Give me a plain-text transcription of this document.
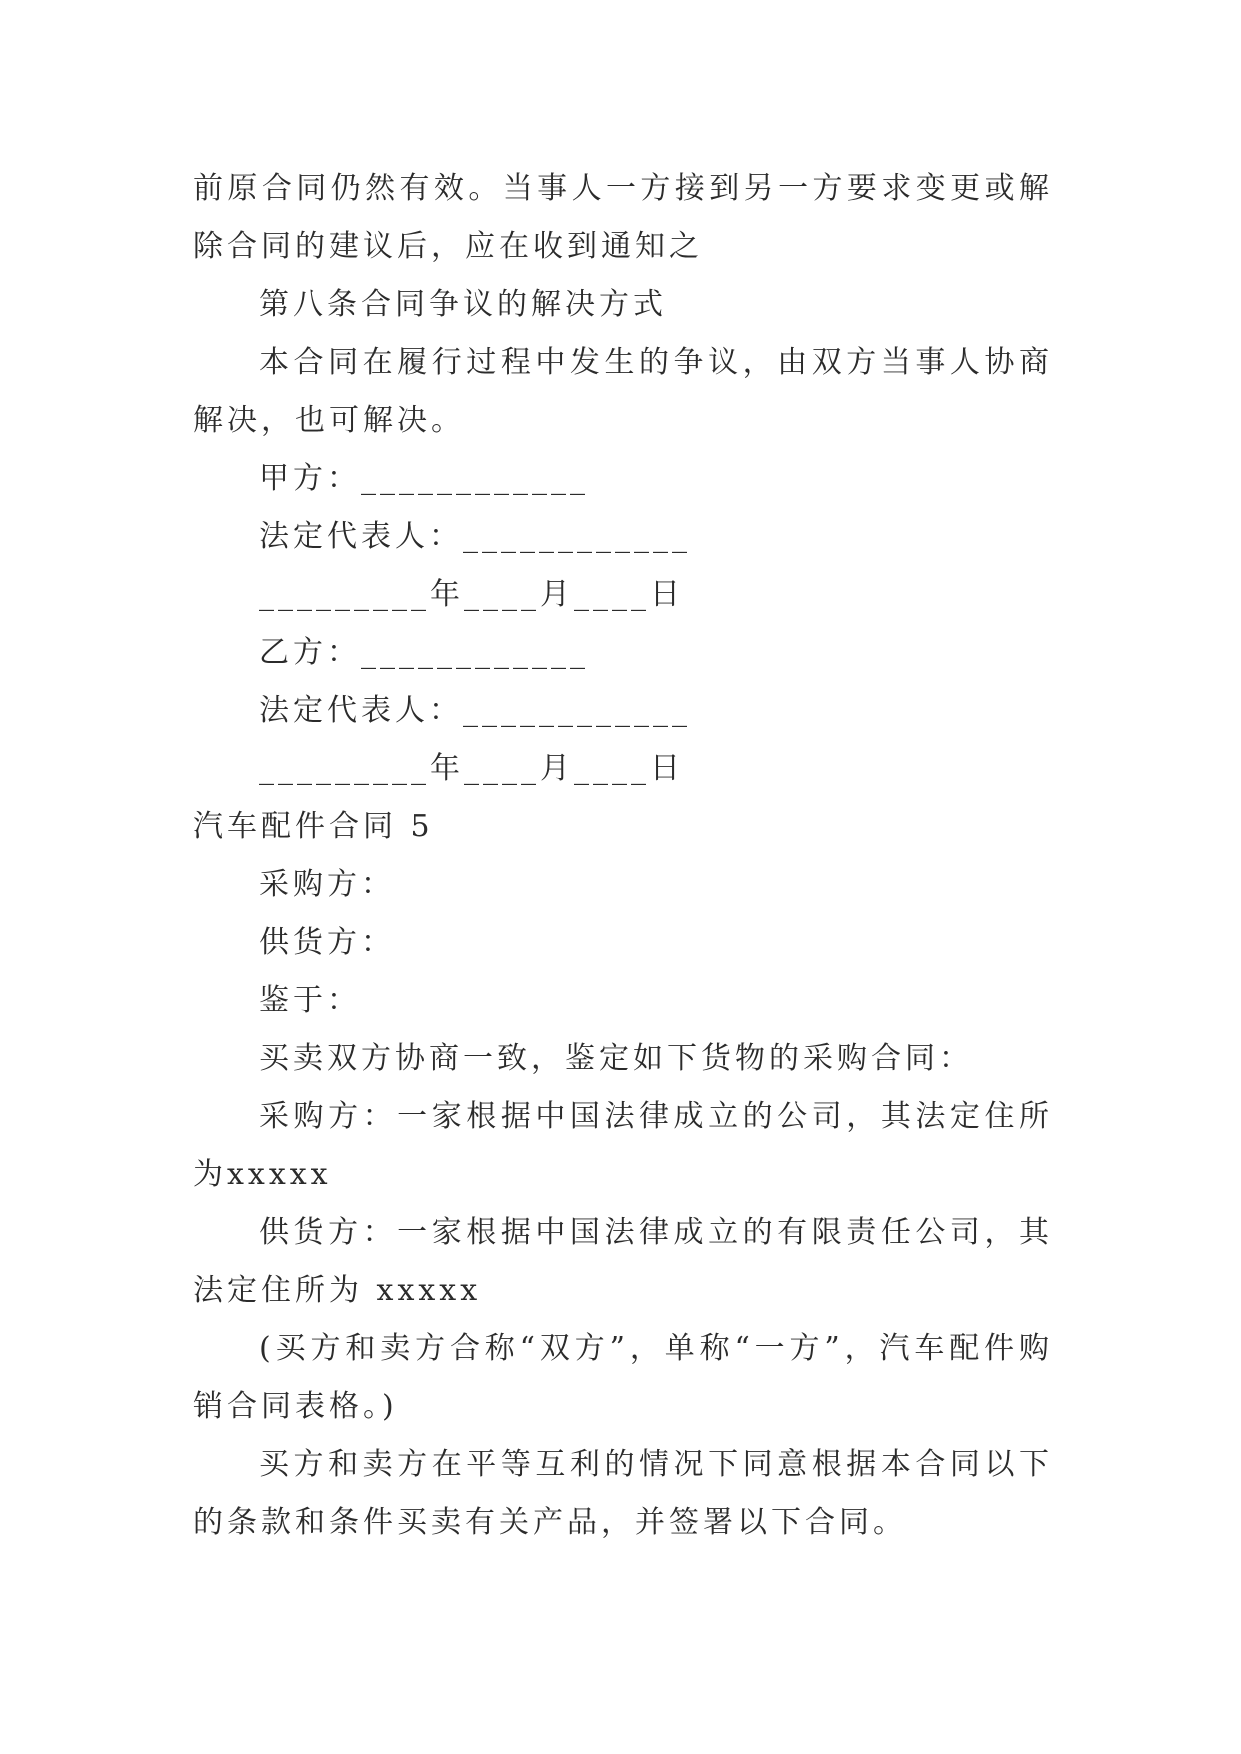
前原合同仍然有效。当事人一方接到另一方要求变更或解除合同的建议后，应在收到通知之

第八条合同争议的解决方式

本合同在履行过程中发生的争议，由双方当事人协商解决，也可解决。

甲方：____________

法定代表人：____________

_________年____月____日

乙方：____________

法定代表人：____________

_________年____月____日

汽车配件合同 5

采购方：

供货方：

鉴于：

买卖双方协商一致，鉴定如下货物的采购合同：

采购方：一家根据中国法律成立的公司，其法定住所为xxxxx

供货方：一家根据中国法律成立的有限责任公司，其法定住所为 xxxxx

(买方和卖方合称“双方”，单称“一方”，汽车配件购销合同表格。)

买方和卖方在平等互利的情况下同意根据本合同以下的条款和条件买卖有关产品，并签署以下合同。
